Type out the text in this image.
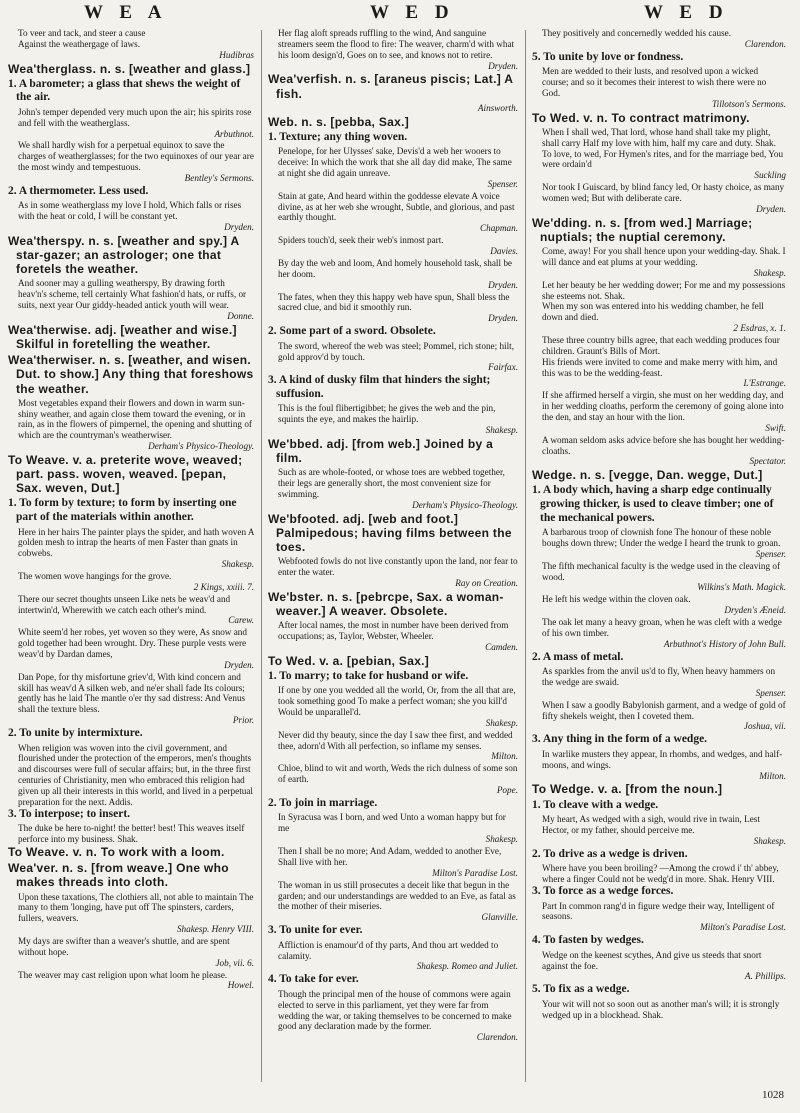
W E A	W E D	W E D
To veer and tack, and steer a cause
Against the weathergage of laws.
Hudibras
Wea'therglass. n. s. [weather and glass.]
1. A barometer; a glass that shews the weight of the air.
John's temper depended very much upon the air; his spirits rose and fell with the weatherglass.
Arbuthnot.
We shall hardly wish for a perpetual equinox to save the charges of weatherglasses; for the two equinoxes of our year are the most windy and tempestuous.
Bentley's Sermons.
2. A thermometer. Less used.
As in some weatherglass my love I hold, Which falls or rises with the heat or cold, I will be constant yet.
Dryden.
Wea'therspy. n. s. [weather and spy.] A star-gazer; an astrologer; one that foretels the weather.
And sooner may a gulling weatherspy, By drawing forth heav'n's scheme, tell certainly What fashion'd hats, or ruffs, or suits, next year Our giddy-headed antick youth will wear.
Donne.
Wea'therwise. adj. [weather and wise.] Skilful in foretelling the weather.
Wea'therwiser. n. s. [weather, and wisen. Dut. to show.] Any thing that foreshows the weather.
Most vegetables expand their flowers and down in warm sun-shiny weather, and again close them toward the evening, or in rain, as in the flowers of pimpernel, the opening and shutting of which are the countryman's weatherwiser.
Derham's Physico-Theology.
To Weave. v. a. preterite wove, weaved; part. pass. woven, weaved. [pepan, Sax. weven, Dut.]
1. To form by texture; to form by inserting one part of the materials within another.
Here in her hairs The painter plays the spider, and hath woven A golden mesh to intrap the hearts of men Faster than gnats in cobwebs.
Shakesp.
The women wove hangings for the grove.
2 Kings, xxiii. 7.
There our secret thoughts unseen Like nets be weav'd and intertwin'd, Wherewith we catch each other's mind.
Carew.
White seem'd her robes, yet woven so they were, As snow and gold together had been wrought. Dry. These purple vests were weav'd by Dardan dames,
Dryden.
Dan Pope, for thy misfortune griev'd, With kind concern and skill has weav'd A silken web, and ne'er shall fade Its colours; gently has he laid The mantle o'er thy sad distress: And Venus shall the texture bless.
Prior.
2. To unite by intermixture.
When religion was woven into the civil government, and flourished under the protection of the emperors, men's thoughts and discourses were full of secular affairs; but, in the three first centuries of Christianity, men who embraced this religion had given up all their interests in this world, and lived in a perpetual preparation for the next. Addis.
3. To interpose; to insert.
The duke be here to-night! the better! best! This weaves itself perforce into my business. Shak.
To Weave. v. n. To work with a loom.
Wea'ver. n. s. [from weave.] One who makes threads into cloth.
Upon these taxations, The clothiers all, not able to maintain The many to them 'longing, have put off The spinsters, carders, fullers, weavers.
Shakesp. Henry VIII.
My days are swifter than a weaver's shuttle, and are spent without hope.
Job, vii. 6.
The weaver may cast religion upon what loom he please.
Howel.
Her flag aloft spreads ruffling to the wind, And sanguine streamers seem the flood to fire: The weaver, charm'd with what his loom design'd, Goes on to see, and knows not to retire.
Dryden.
Wea'verfish. n. s. [araneus piscis; Lat.] A fish.
Ainsworth.
Web. n. s. [pebba, Sax.]
1. Texture; any thing woven.
Penelope, for her Ulysses' sake, Devis'd a web her wooers to deceive: In which the work that she all day did make, The same at night she did again unreave.
Spenser.
Stain at gate, And heard within the goddesse elevate A voice divine, as at her web she wrought, Subtle, and glorious, and past earthly thought.
Chapman.
Spiders touch'd, seek their web's inmost part.
Davies.
By day the web and loom, And homely household task, shall be her doom.
Dryden.
The fates, when they this happy web have spun, Shall bless the sacred clue, and bid it smoothly run.
Dryden.
2. Some part of a sword. Obsolete.
The sword, whereof the web was steel; Pommel, rich stone; hilt, gold approv'd by touch.
Fairfax.
3. A kind of dusky film that hinders the sight; suffusion.
This is the foul flibertigibbet; he gives the web and the pin, squints the eye, and makes the hairlip.
Shakesp.
We'bbed. adj. [from web.] Joined by a film.
Such as are whole-footed, or whose toes are webbed together, their legs are generally short, the most convenient size for swimming.
Derham's Physico-Theology.
We'bfooted. adj. [web and foot.] Palmipedous; having films between the toes.
Webfooted fowls do not live constantly upon the land, nor fear to enter the water.
Ray on Creation.
We'bster. n. s. [pebrcpe, Sax. a woman-weaver.] A weaver. Obsolete.
After local names, the most in number have been derived from occupations; as, Taylor, Webster, Wheeler.
Camden.
To Wed. v. a. [pebian, Sax.]
1. To marry; to take for husband or wife.
If one by one you wedded all the world, Or, from the all that are, took something good To make a perfect woman; she you kill'd Would be unparallel'd.
Shakesp.
Never did thy beauty, since the day I saw thee first, and wedded thee, adorn'd With all perfection, so inflame my senses.
Milton.
Chloe, blind to wit and worth, Weds the rich dulness of some son of earth.
Pope.
2. To join in marriage.
In Syracusa was I born, and wed Unto a woman happy but for me
Shakesp.
Then I shall be no more; And Adam, wedded to another Eve, Shall live with her.
Milton's Paradise Lost.
The woman in us still prosecutes a deceit like that begun in the garden; and our understandings are wedded to an Eve, as fatal as the mother of their miseries.
Glanville.
3. To unite for ever.
Affliction is enamour'd of thy parts, And thou art wedded to calamity.
Shakesp. Romeo and Juliet.
4. To take for ever.
Though the principal men of the house of commons were again elected to serve in this parliament, yet they were far from wedding the war, or taking themselves to be concerned to make good any declaration made by the former.
Clarendon.
They positively and concernedly wedded his cause.
Clarendon.
5. To unite by love or fondness.
Men are wedded to their lusts, and resolved upon a wicked course; and so it becomes their interest to wish there were no God.
Tillotson's Sermons.
To Wed. v. n. To contract matrimony.
When I shall wed, That lord, whose hand shall take my plight, shall carry Half my love with him, half my care and duty. Shak.
To love, to wed, For Hymen's rites, and for the marriage bed, You were ordain'd
Suckling
Nor took I Guiscard, by blind fancy led, Or hasty choice, as many women wed; But with deliberate care.
Dryden.
We'dding. n. s. [from wed.] Marriage; nuptials; the nuptial ceremony.
Come, away! For you shall hence upon your wedding-day. Shak. I will dance and eat plums at your wedding.
Shakesp.
Let her beauty be her wedding dower; For me and my possessions she esteems not. Shak.
When my son was entered into his wedding chamber, he fell down and died.
2 Esdras, x. 1.
These three country bills agree, that each wedding produces four children. Graunt's Bills of Mort.
His friends were invited to come and make merry with him, and this was to be the wedding-feast.
L'Estrange.
If she affirmed herself a virgin, she must on her wedding day, and in her wedding cloaths, perform the ceremony of going alone into the den, and stay an hour with the lion.
Swift.
A woman seldom asks advice before she has bought her wedding-cloaths.
Spectator.
Wedge. n. s. [vegge, Dan. wegge, Dut.]
1. A body which, having a sharp edge continually growing thicker, is used to cleave timber; one of the mechanical powers.
A barbarous troop of clownish fone The honour of these noble boughs down threw; Under the wedge I heard the trunk to groan.
Spenser.
The fifth mechanical faculty is the wedge used in the cleaving of wood.
Wilkins's Math. Magick.
He left his wedge within the cloven oak.
Dryden's Æneid.
The oak let many a heavy groan, when he was cleft with a wedge of his own timber.
Arbuthnot's History of John Bull.
2. A mass of metal.
As sparkles from the anvil us'd to fly, When heavy hammers on the wedge are swaid.
Spenser.
When I saw a goodly Babylonish garment, and a wedge of gold of fifty shekels weight, then I coveted them.
Joshua, vii.
3. Any thing in the form of a wedge.
In warlike musters they appear, In rhombs, and wedges, and half-moons, and wings.
Milton.
To Wedge. v. a. [from the noun.]
1. To cleave with a wedge.
My heart, As wedged with a sigh, would rive in twain, Lest Hector, or my father, should perceive me.
Shakesp.
2. To drive as a wedge is driven.
Where have you been broiling? —Among the crowd i' th' abbey, where a finger Could not be wedg'd in more. Shak. Henry VIII.
3. To force as a wedge forces.
Part In common rang'd in figure wedge their way, Intelligent of seasons.
Milton's Paradise Lost.
4. To fasten by wedges.
Wedge on the keenest scythes, And give us steeds that snort against the foe.
A. Phillips.
5. To fix as a wedge.
Your wit will not so soon out as another man's will; it is strongly wedged up in a blockhead. Shak.
1028
